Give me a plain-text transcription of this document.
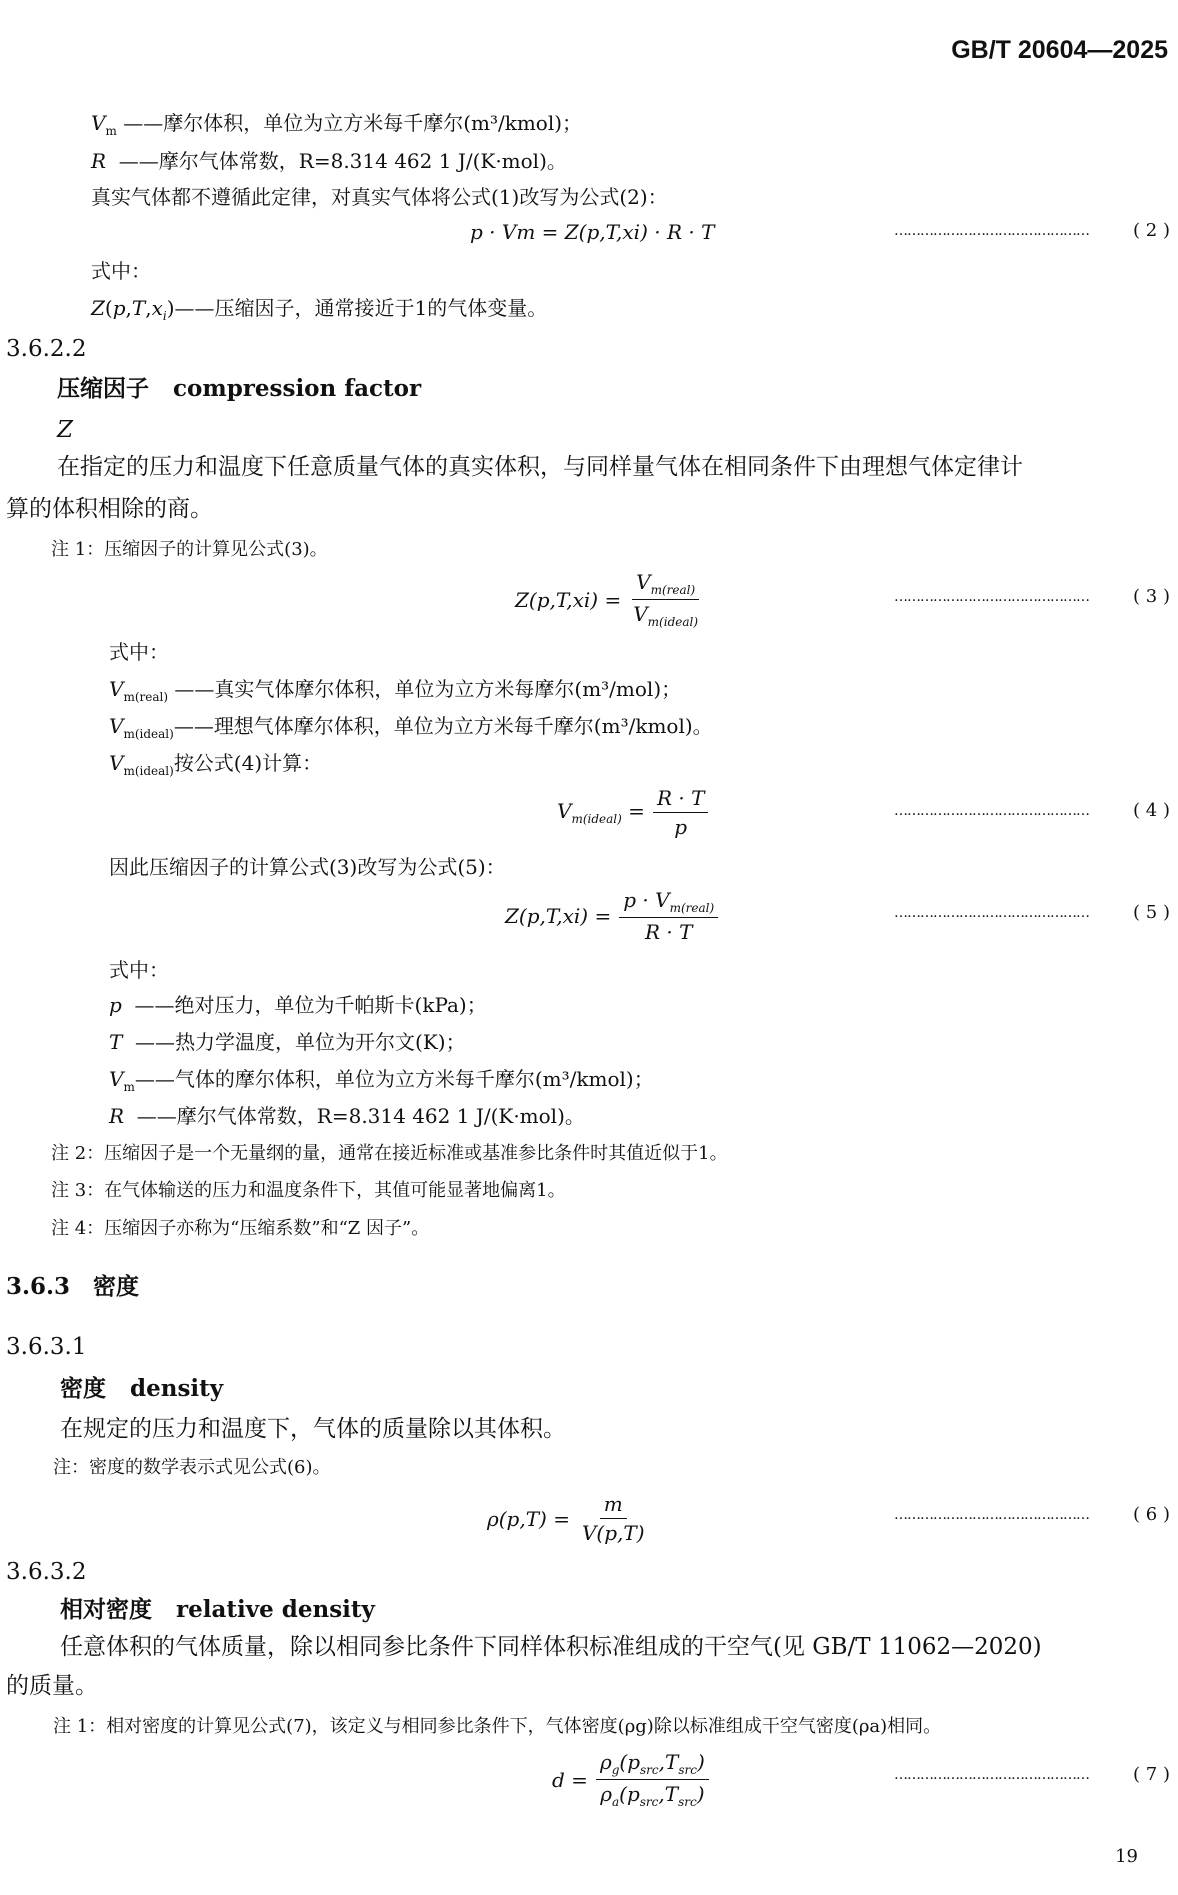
GB/T 20604—2025
$V_m$ ——摩尔体积，单位为立方米每千摩尔(m³/kmol)；
R  ——摩尔气体常数，R=8.314 462 1 J/(K·mol)。
真实气体都不遵循此定律，对真实气体将公式(1)改写为公式(2)：
p · Vm
= Z(p,T,xi) · R · T	………………………………………	( 2 )
式中：
$Z(p,T,x_i)——$压缩因子，通常接近于1的气体变量。
3.6.2.2
压缩因子 compression factor
Z
在指定的压力和温度下任意质量气体的真实体积，与同样量气体在相同条件下由理想气体定律计
算的体积相除的商。
注 1：压缩因子的计算见公式(3)。
$Z(p,T,xi) = \frac{V_{m(real)}}{V_{m(ideal)}}$	………………………………………	( 3 )
式中：
$V_{m(real)}$ ——真实气体摩尔体积，单位为立方米每摩尔(m³/mol)；
$V_{m(ideal)}——$理想气体摩尔体积，单位为立方米每千摩尔(m³/kmol)。
$V_{m(ideal)}$按公式(4)计算：
$V_{m(ideal)} = \frac{R \cdot T}{p}$	………………………………………	( 4 )
因此压缩因子的计算公式(3)改写为公式(5)：
$Z(p,T,xi) = \frac{p \cdot V_{m(real)}}{R \cdot T}$	………………………………………	( 5 )
式中：
p  ——绝对压力，单位为千帕斯卡(kPa)；
T  ——热力学温度，单位为开尔文(K)；
$V_m——$气体的摩尔体积，单位为立方米每千摩尔(m³/kmol)；
R  ——摩尔气体常数，R=8.314 462 1 J/(K·mol)。
注 2：压缩因子是一个无量纲的量，通常在接近标准或基准参比条件时其值近似于1。
注 3：在气体输送的压力和温度条件下，其值可能显著地偏离1。
注 4：压缩因子亦称为“压缩系数”和“Z 因子”。
3.6.3　密度
3.6.3.1
密度 density
在规定的压力和温度下，气体的质量除以其体积。
注：密度的数学表示式见公式(6)。
$\rho(p,T) = \frac{m}{V(p,T)}$	………………………………………	( 6 )
3.6.3.2
相对密度 relative density
任意体积的气体质量，除以相同参比条件下同样体积标准组成的干空气(见 GB/T 11062—2020)
的质量。
注 1：相对密度的计算见公式(7)，该定义与相同参比条件下，气体密度(ρg)除以标准组成干空气密度(ρa)相同。
$d = \frac{\rho_g(p_{src},T_{src})}{\rho_a(p_{src},T_{src})}$	………………………………………	( 7 )
19
